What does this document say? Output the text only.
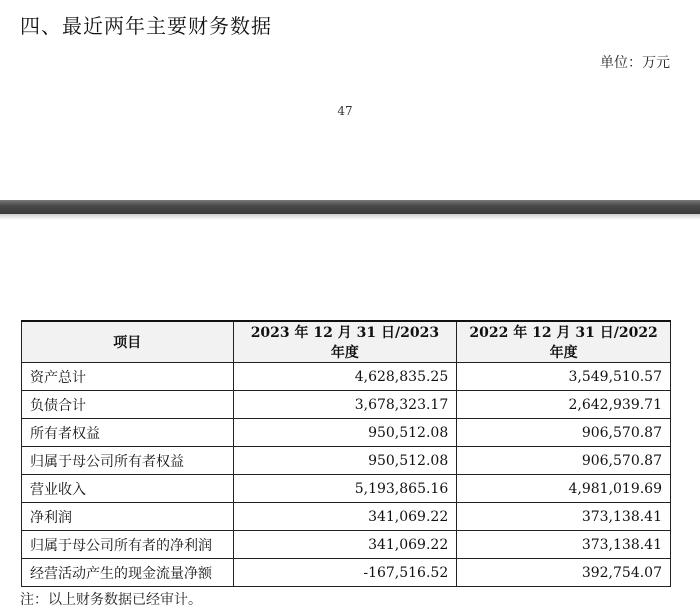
四、最近两年主要财务数据
单位：万元
47
项目	2023 年 12 月 31 日/2023 年度	2022 年 12 月 31 日/2022 年度
资产总计	4,628,835.25	3,549,510.57
负债合计	3,678,323.17	2,642,939.71
所有者权益	950,512.08	906,570.87
归属于母公司所有者权益	950,512.08	906,570.87
营业收入	5,193,865.16	4,981,019.69
净利润	341,069.22	373,138.41
归属于母公司所有者的净利润	341,069.22	373,138.41
经营活动产生的现金流量净额	-167,516.52	392,754.07
注：以上财务数据已经审计。
